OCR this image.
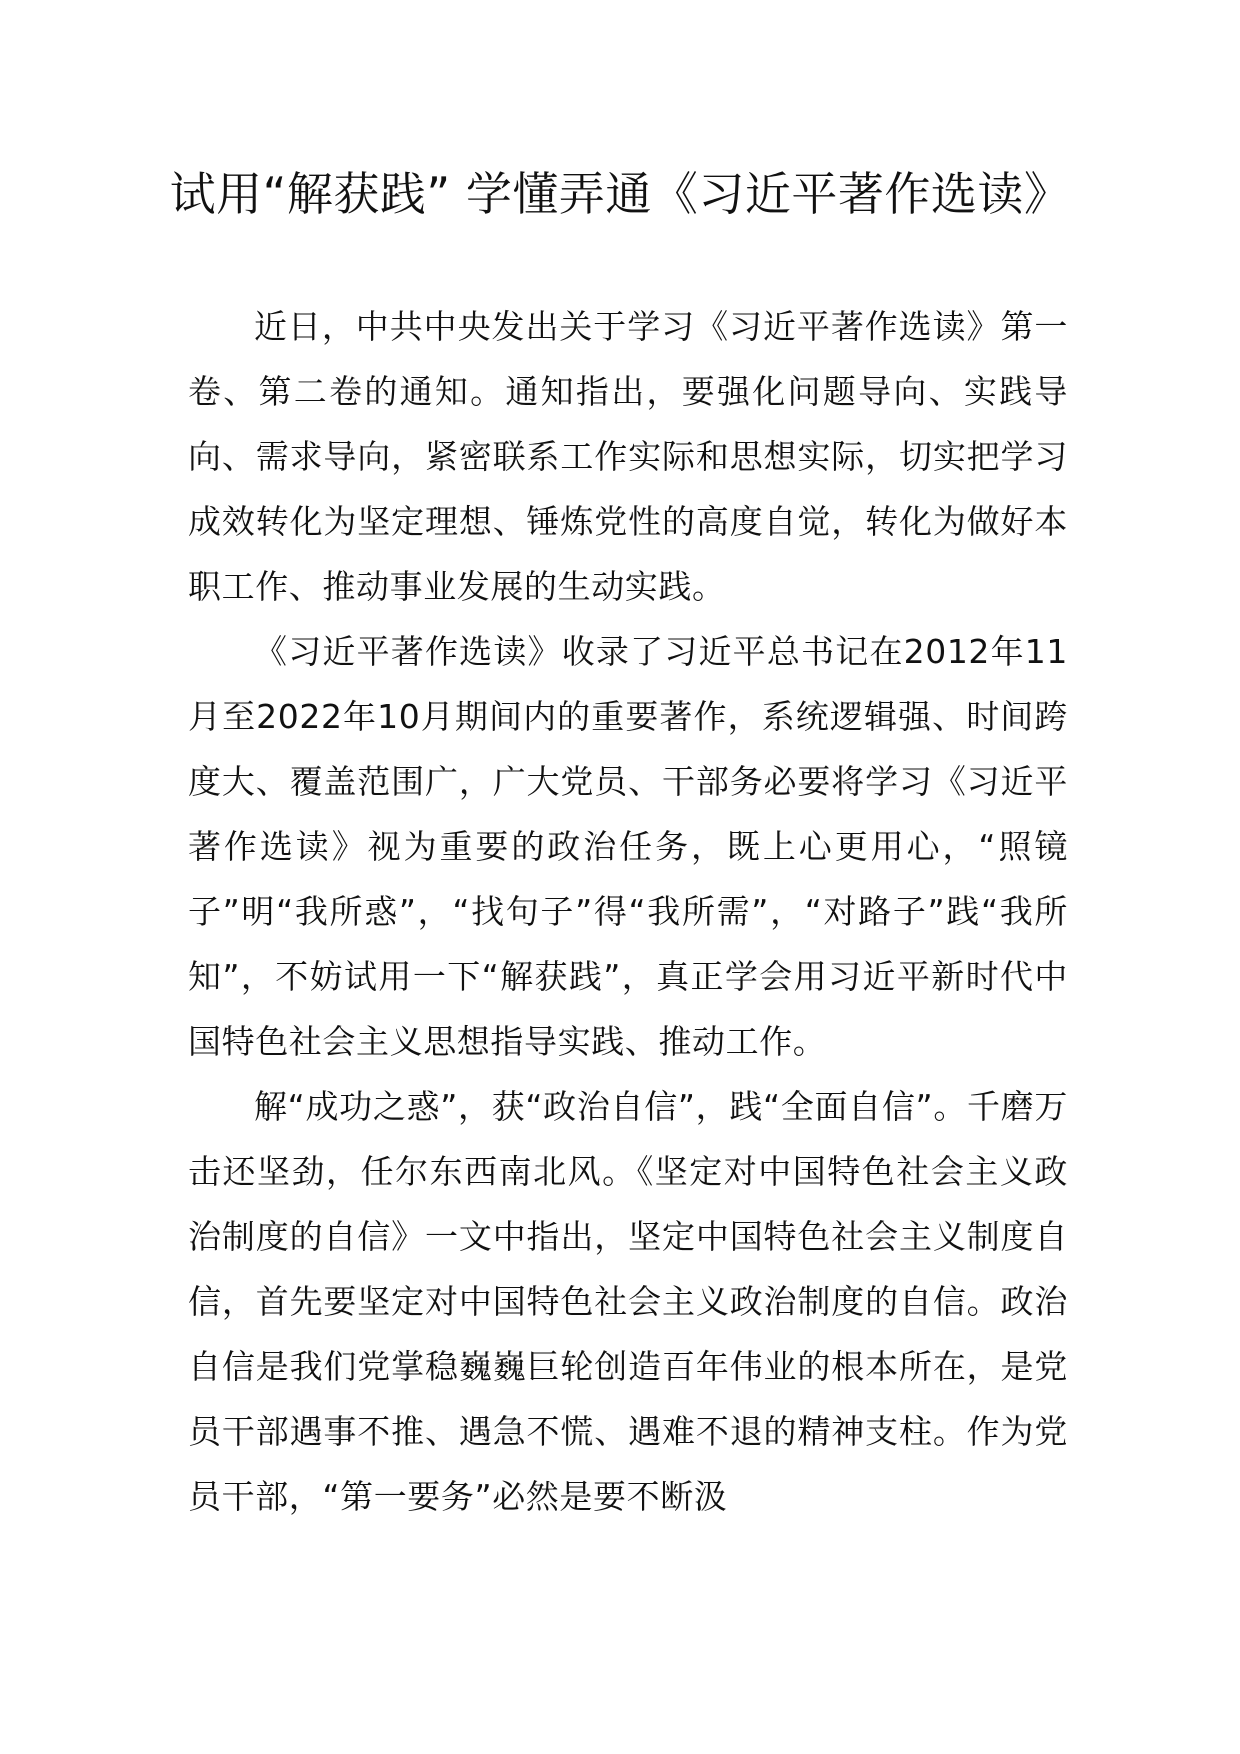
试用“解获践” 学懂弄通《习近平著作选读》

近日，中共中央发出关于学习《习近平著作选读》第一卷、第二卷的通知。通知指出，要强化问题导向、实践导向、需求导向，紧密联系工作实际和思想实际，切实把学习成效转化为坚定理想、锤炼党性的高度自觉，转化为做好本职工作、推动事业发展的生动实践。

《习近平著作选读》收录了习近平总书记在2012年11月至2022年10月期间内的重要著作，系统逻辑强、时间跨度大、覆盖范围广，广大党员、干部务必要将学习《习近平著作选读》视为重要的政治任务，既上心更用心，“照镜子”明“我所惑”，“找句子”得“我所需”，“对路子”践“我所知”，不妨试用一下“解获践”，真正学会用习近平新时代中国特色社会主义思想指导实践、推动工作。

解“成功之惑”，获“政治自信”，践“全面自信”。千磨万击还坚劲，任尔东西南北风。《坚定对中国特色社会主义政治制度的自信》一文中指出，坚定中国特色社会主义制度自信，首先要坚定对中国特色社会主义政治制度的自信。政治自信是我们党掌稳巍巍巨轮创造百年伟业的根本所在，是党员干部遇事不推、遇急不慌、遇难不退的精神支柱。作为党员干部，“第一要务”必然是要不断汲
